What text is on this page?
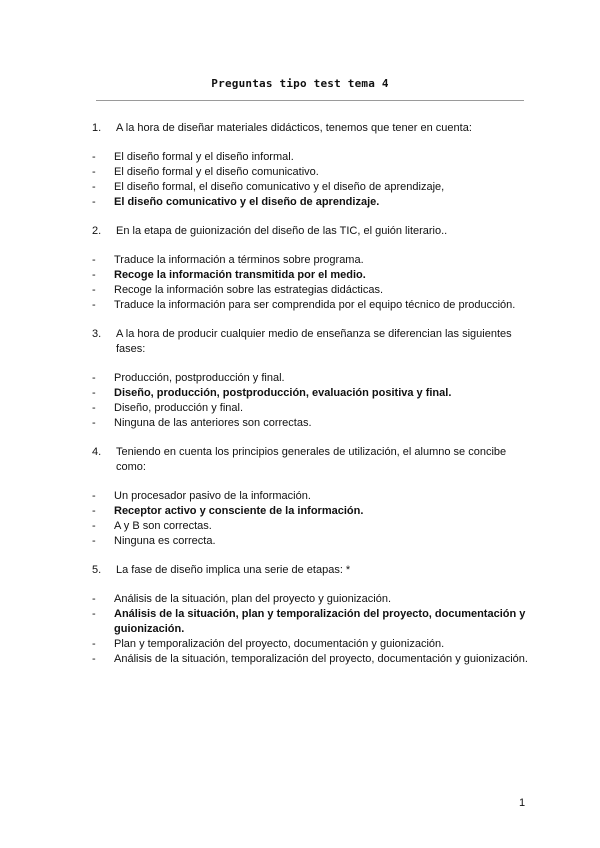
Preguntas tipo test tema 4
1.	A la hora de diseñar materiales didácticos, tenemos que tener en cuenta:
-	El diseño formal y el diseño informal.
-	El diseño formal y el diseño comunicativo.
-	El diseño formal, el diseño comunicativo y el diseño de aprendizaje,
-	El diseño comunicativo y el diseño de aprendizaje.
2.	En la etapa de guionización del diseño de las TIC, el guión literario..
-	Traduce la información a términos sobre programa.
-	Recoge la información transmitida por el medio.
-	Recoge la información sobre las estrategias didácticas.
-	Traduce la información para ser comprendida por el equipo técnico de producción.
3.	A la hora de producir cualquier medio de enseñanza se diferencian las siguientes fases:
-	Producción, postproducción y final.
-	Diseño, producción, postproducción, evaluación positiva y final.
-	Diseño, producción y final.
-	Ninguna de las anteriores son correctas.
4.	Teniendo en cuenta los principios generales de utilización, el alumno se concibe como:
-	Un procesador pasivo de la información.
-	Receptor activo y consciente de la información.
-	A y B son correctas.
-	Ninguna es correcta.
5.	La fase de diseño implica una serie de etapas: *
-	Análisis de la situación, plan del proyecto y guionización.
-	Análisis de la situación, plan y temporalización del proyecto, documentación y guionización.
-	Plan y temporalización del proyecto, documentación y guionización.
-	Análisis de la situación, temporalización del proyecto, documentación y guionización.
1
